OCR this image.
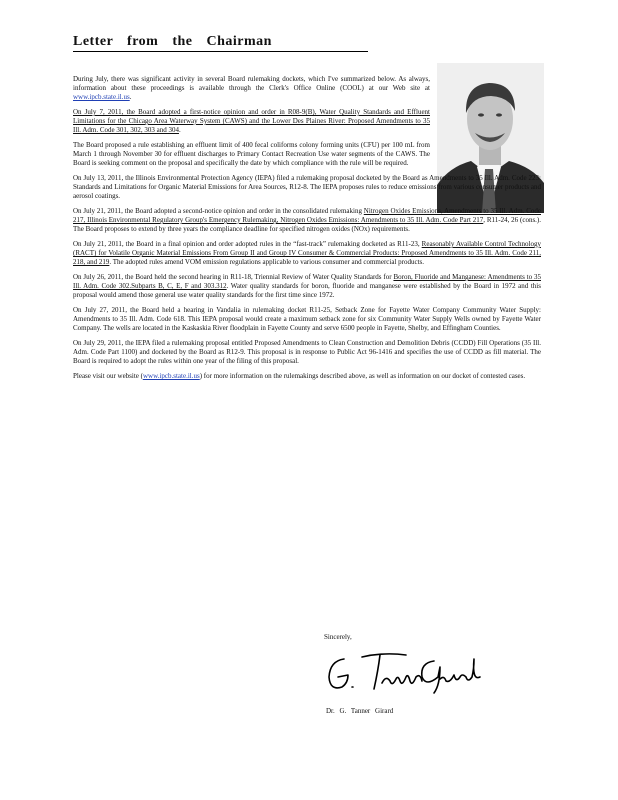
Letter from the Chairman

During July, there was significant activity in several Board rulemaking dockets, which I've summarized below. As always, information about these proceedings is available through the Clerk's Office Online (COOL) at our Web site at www.ipcb.state.il.us.

On July 7, 2011, the Board adopted a first-notice opinion and order in R08-9(B), Water Quality Standards and Effluent Limitations for the Chicago Area Waterway System (CAWS) and the Lower Des Plaines River: Proposed Amendments to 35 Ill. Adm. Code 301, 302, 303 and 304.

The Board proposed a rule establishing an effluent limit of 400 fecal coliforms colony forming units (CFU) per 100 mL from March 1 through November 30 for effluent discharges to Primary Contact Recreation Use water segments of the CAWS. The Board is seeking comment on the proposal and specifically the date by which compliance with the rule will be required.

On July 13, 2011, the Illinois Environmental Protection Agency (IEPA) filed a rulemaking proposal docketed by the Board as Amendments to 35 Ill. Adm. Code 223: Standards and Limitations for Organic Material Emissions for Area Sources, R12-8. The IEPA proposes rules to reduce emissions from various consumer products and aerosol coatings.

On July 21, 2011, the Board adopted a second-notice opinion and order in the consolidated rulemaking Nitrogen Oxides Emissions, Amendments to 35 Ill. Adm. Code 217, Illinois Environmental Regulatory Group's Emergency Rulemaking, Nitrogen Oxides Emissions: Amendments to 35 Ill. Adm. Code Part 217, R11-24, 26 (cons.). The Board proposes to extend by three years the compliance deadline for specified nitrogen oxides (NOx) requirements.

On July 21, 2011, the Board in a final opinion and order adopted rules in the “fast-track” rulemaking docketed as R11-23, Reasonably Available Control Technology (RACT) for Volatile Organic Material Emissions From Group II and Group IV Consumer & Commercial Products: Proposed Amendments to 35 Ill. Adm. Code 211, 218, and 219. The adopted rules amend VOM emission regulations applicable to various consumer and commercial products.

On July 26, 2011, the Board held the second hearing in R11-18, Triennial Review of Water Quality Standards for Boron, Fluoride and Manganese: Amendments to 35 Ill. Adm. Code 302.Subparts B, C, E, F and 303.312. Water quality standards for boron, fluoride and manganese were established by the Board in 1972 and this proposal would amend those general use water quality standards for the first time since 1972.

On July 27, 2011, the Board held a hearing in Vandalia in rulemaking docket R11-25, Setback Zone for Fayette Water Company Community Water Supply: Amendments to 35 Ill. Adm. Code 618. This IEPA proposal would create a maximum setback zone for six Community Water Supply Wells owned by Fayette Water Company. The wells are located in the Kaskaskia River floodplain in Fayette County and serve 6500 people in Fayette, Shelby, and Effingham Counties.

On July 29, 2011, the IEPA filed a rulemaking proposal entitled Proposed Amendments to Clean Construction and Demolition Debris (CCDD) Fill Operations (35 Ill. Adm. Code Part 1100) and docketed by the Board as R12-9. This proposal is in response to Public Act 96-1416 and specifies the use of CCDD as fill material. The Board is required to adopt the rules within one year of the filing of this proposal.

Please visit our website (www.ipcb.state.il.us) for more information on the rulemakings described above, as well as information on our docket of contested cases.

Sincerely,

Dr. G. Tanner Girard
